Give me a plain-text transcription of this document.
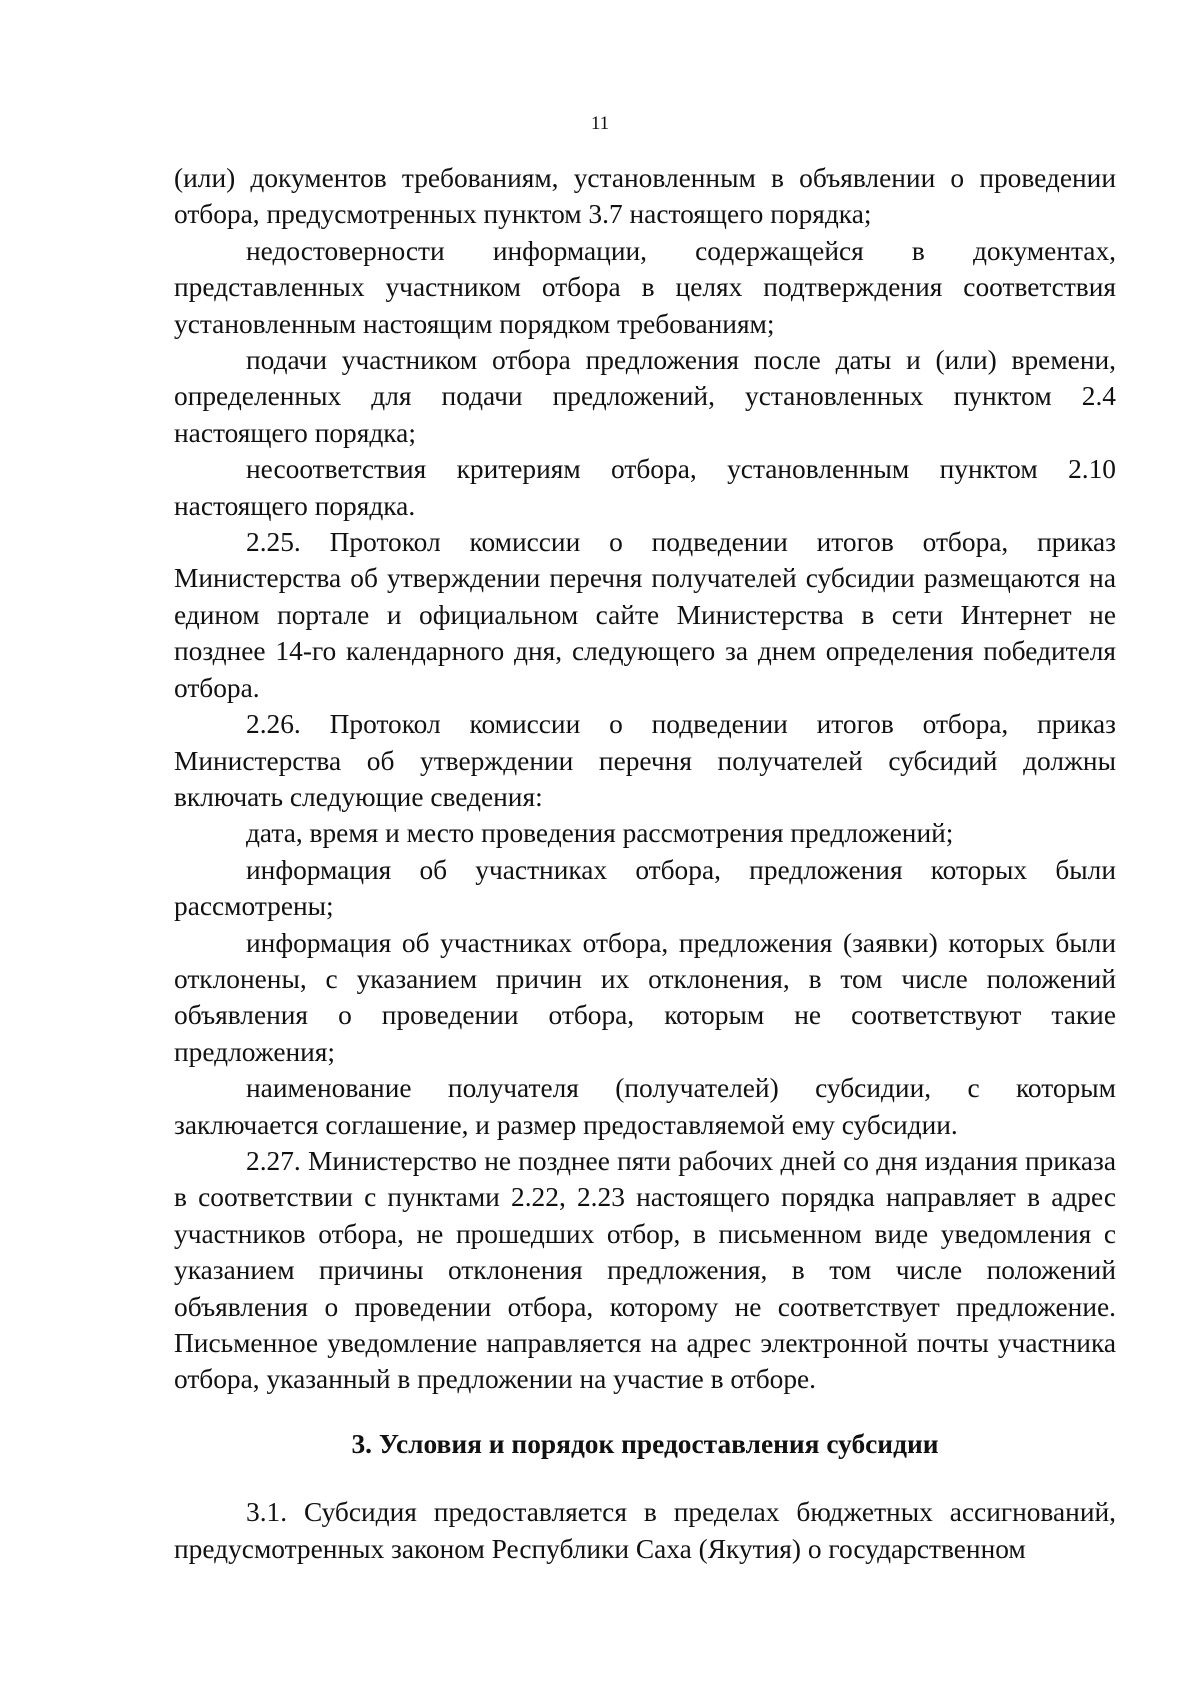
11

(или) документов требованиям, установленным в объявлении о проведении отбора, предусмотренных пунктом 3.7 настоящего порядка;

недостоверности информации, содержащейся в документах, представленных участником отбора в целях подтверждения соответствия установленным настоящим порядком требованиям;

подачи участником отбора предложения после даты и (или) времени, определенных для подачи предложений, установленных пунктом 2.4 настоящего порядка;

несоответствия критериям отбора, установленным пунктом 2.10 настоящего порядка.

2.25. Протокол комиссии о подведении итогов отбора, приказ Министерства об утверждении перечня получателей субсидии размещаются на едином портале и официальном сайте Министерства в сети Интернет не позднее 14-го календарного дня, следующего за днем определения победителя отбора.

2.26. Протокол комиссии о подведении итогов отбора, приказ Министерства об утверждении перечня получателей субсидий должны включать следующие сведения:

дата, время и место проведения рассмотрения предложений;

информация об участниках отбора, предложения которых были рассмотрены;

информация об участниках отбора, предложения (заявки) которых были отклонены, с указанием причин их отклонения, в том числе положений объявления о проведении отбора, которым не соответствуют такие предложения;

наименование получателя (получателей) субсидии, с которым заключается соглашение, и размер предоставляемой ему субсидии.

2.27. Министерство не позднее пяти рабочих дней со дня издания приказа в соответствии с пунктами 2.22, 2.23 настоящего порядка направляет в адрес участников отбора, не прошедших отбор, в письменном виде уведомления с указанием причины отклонения предложения, в том числе положений объявления о проведении отбора, которому не соответствует предложение. Письменное уведомление направляется на адрес электронной почты участника отбора, указанный в предложении на участие в отборе.

3. Условия и порядок предоставления субсидии

3.1. Субсидия предоставляется в пределах бюджетных ассигнований, предусмотренных законом Республики Саха (Якутия) о государственном
